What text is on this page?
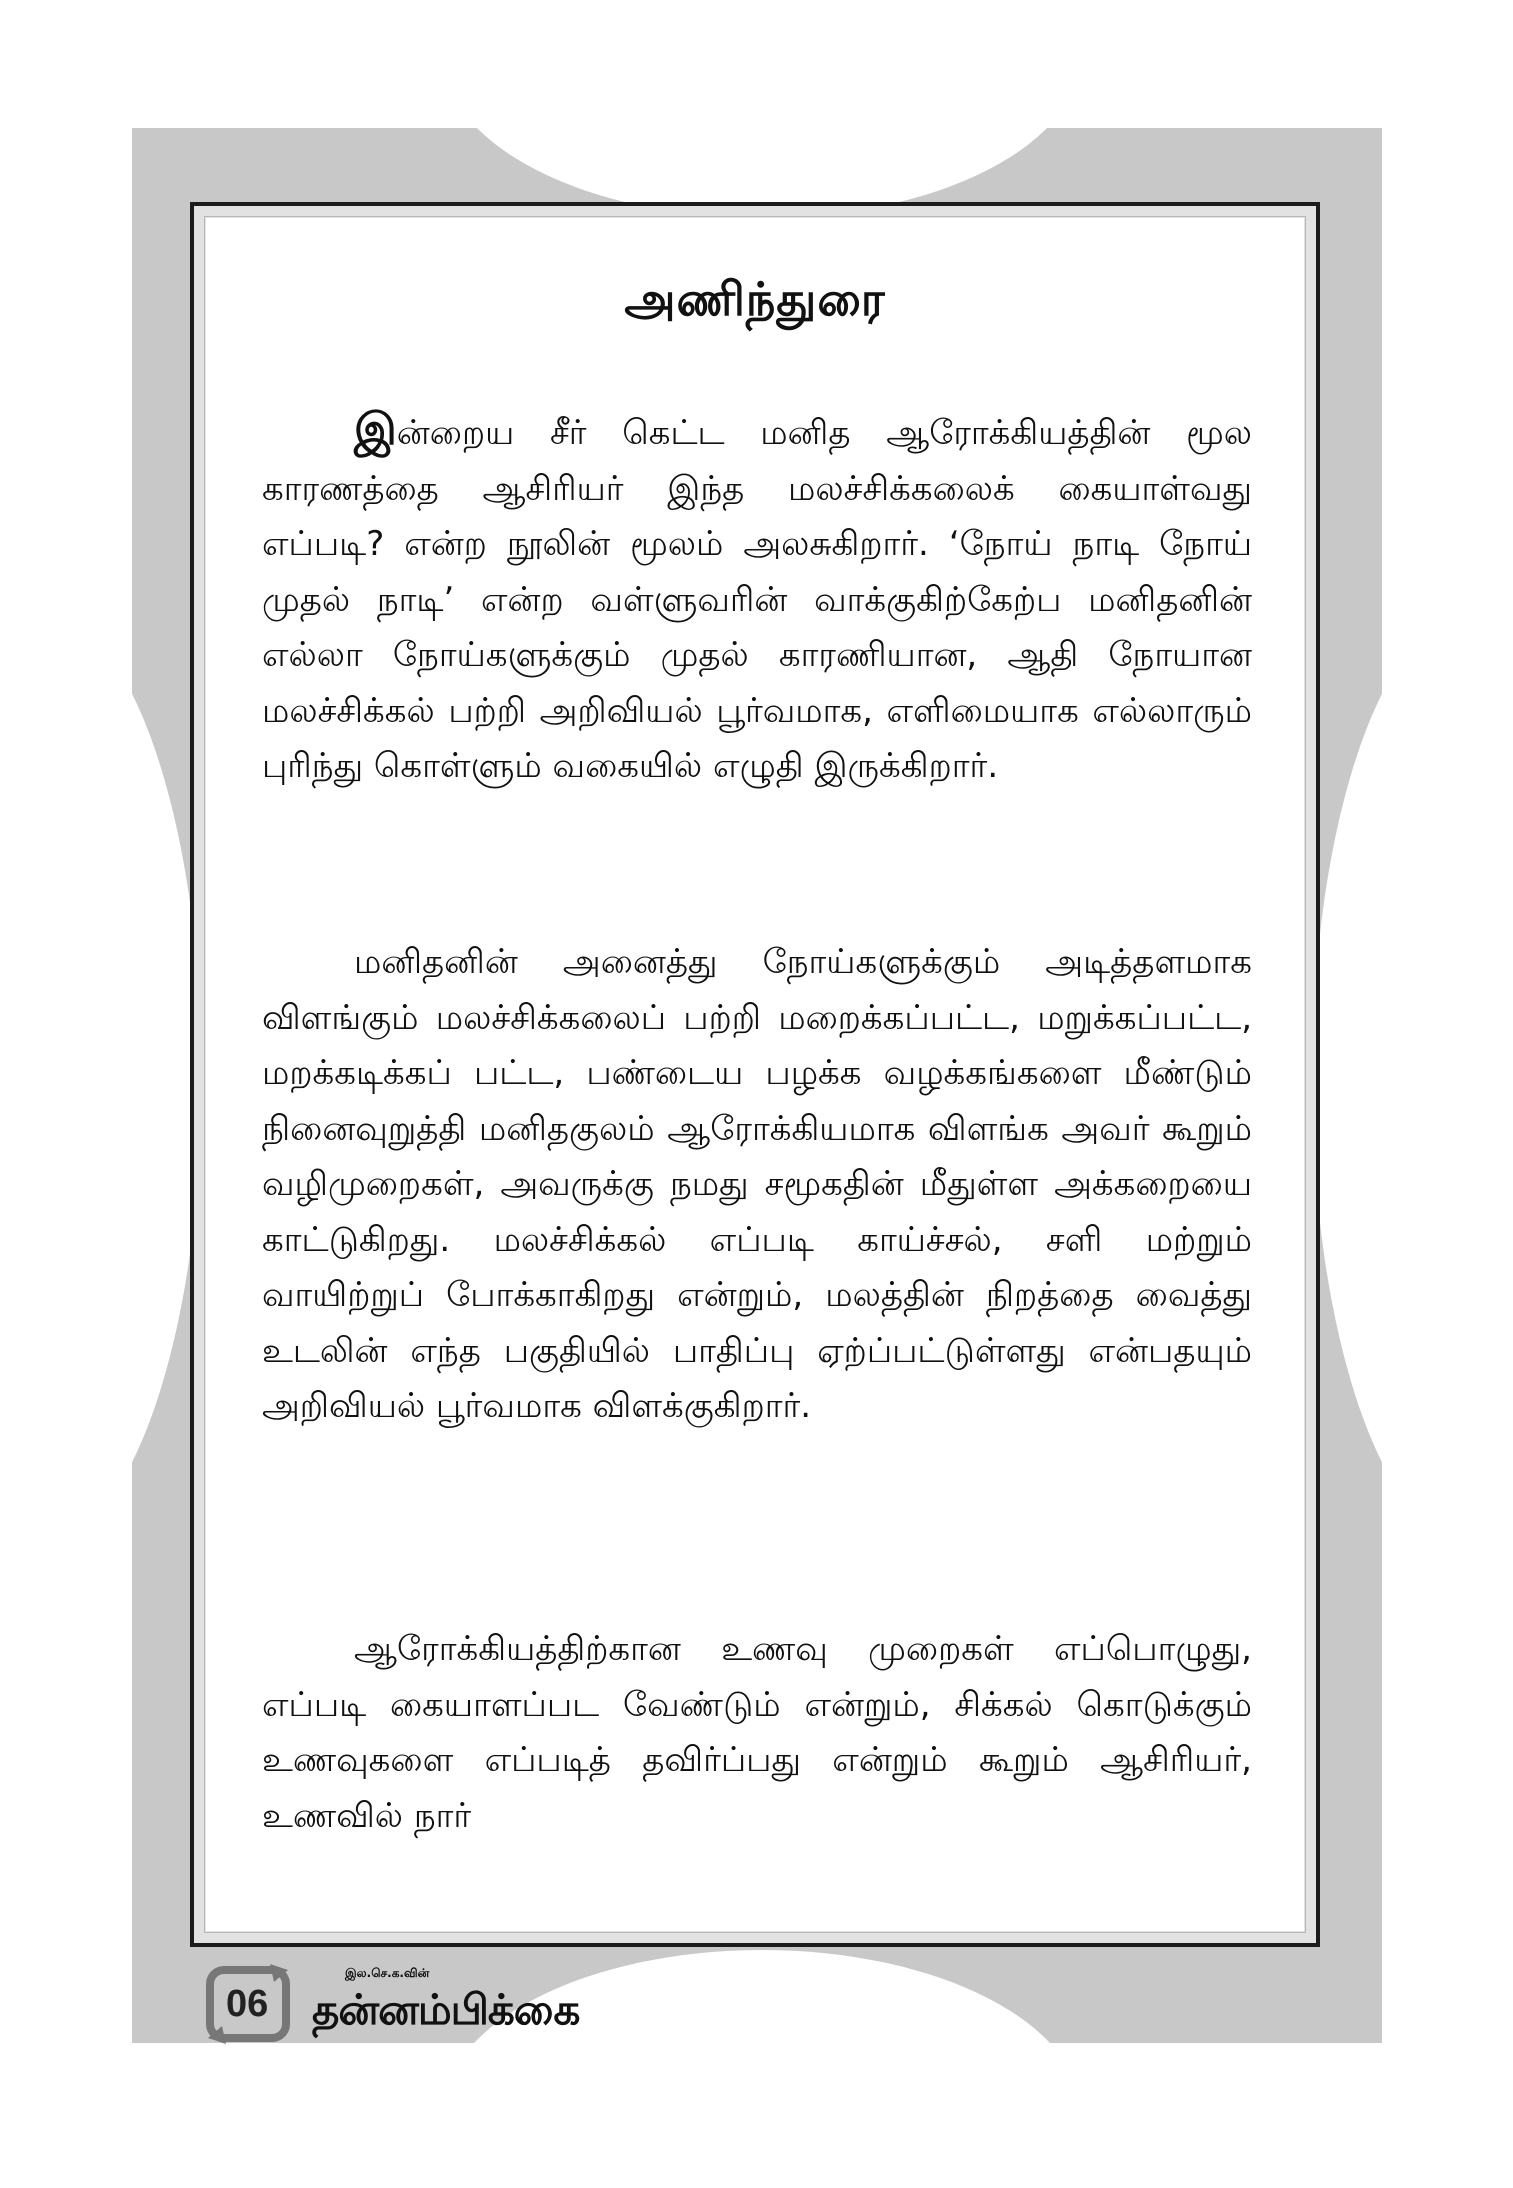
அணிந்துரை
இன்றைய சீர் கெட்ட மனித ஆரோக்கியத்தின் மூல காரணத்தை ஆசிரியர் இந்த மலச்சிக்கலைக் கையாள்வது எப்படி? என்ற நூலின் மூலம் அலசுகிறார். ‘நோய் நாடி நோய் முதல் நாடி’ என்ற வள்ளுவரின் வாக்குகிற்கேற்ப மனிதனின் எல்லா நோய்களுக்கும் முதல் காரணியான, ஆதி நோயான மலச்சிக்கல் பற்றி அறிவியல் பூர்வமாக, எளிமையாக எல்லாரும் புரிந்து கொள்ளும் வகையில் எழுதி இருக்கிறார்.
மனிதனின் அனைத்து நோய்களுக்கும் அடித்தளமாக விளங்கும் மலச்சிக்கலைப் பற்றி மறைக்கப்பட்ட, மறுக்கப்பட்ட, மறக்கடிக்கப் பட்ட, பண்டைய பழக்க வழக்கங்களை மீண்டும் நினைவுறுத்தி மனிதகுலம் ஆரோக்கியமாக விளங்க அவர் கூறும் வழிமுறைகள், அவருக்கு நமது சமூகதின் மீதுள்ள அக்கறையை காட்டுகிறது. மலச்சிக்கல் எப்படி காய்ச்சல், சளி மற்றும் வாயிற்றுப் போக்காகிறது என்றும், மலத்தின் நிறத்தை வைத்து உடலின் எந்த பகுதியில் பாதிப்பு ஏற்ப்பட்டுள்ளது என்பதயும் அறிவியல் பூர்வமாக விளக்குகிறார்.
ஆரோக்கியத்திற்கான உணவு முறைகள் எப்பொழுது, எப்படி கையாளப்பட வேண்டும் என்றும், சிக்கல் கொடுக்கும் உணவுகளை எப்படித் தவிர்ப்பது என்றும் கூறும் ஆசிரியர், உணவில் நார்
06
இல.செ.க.வின்
தன்னம்பிக்கை
